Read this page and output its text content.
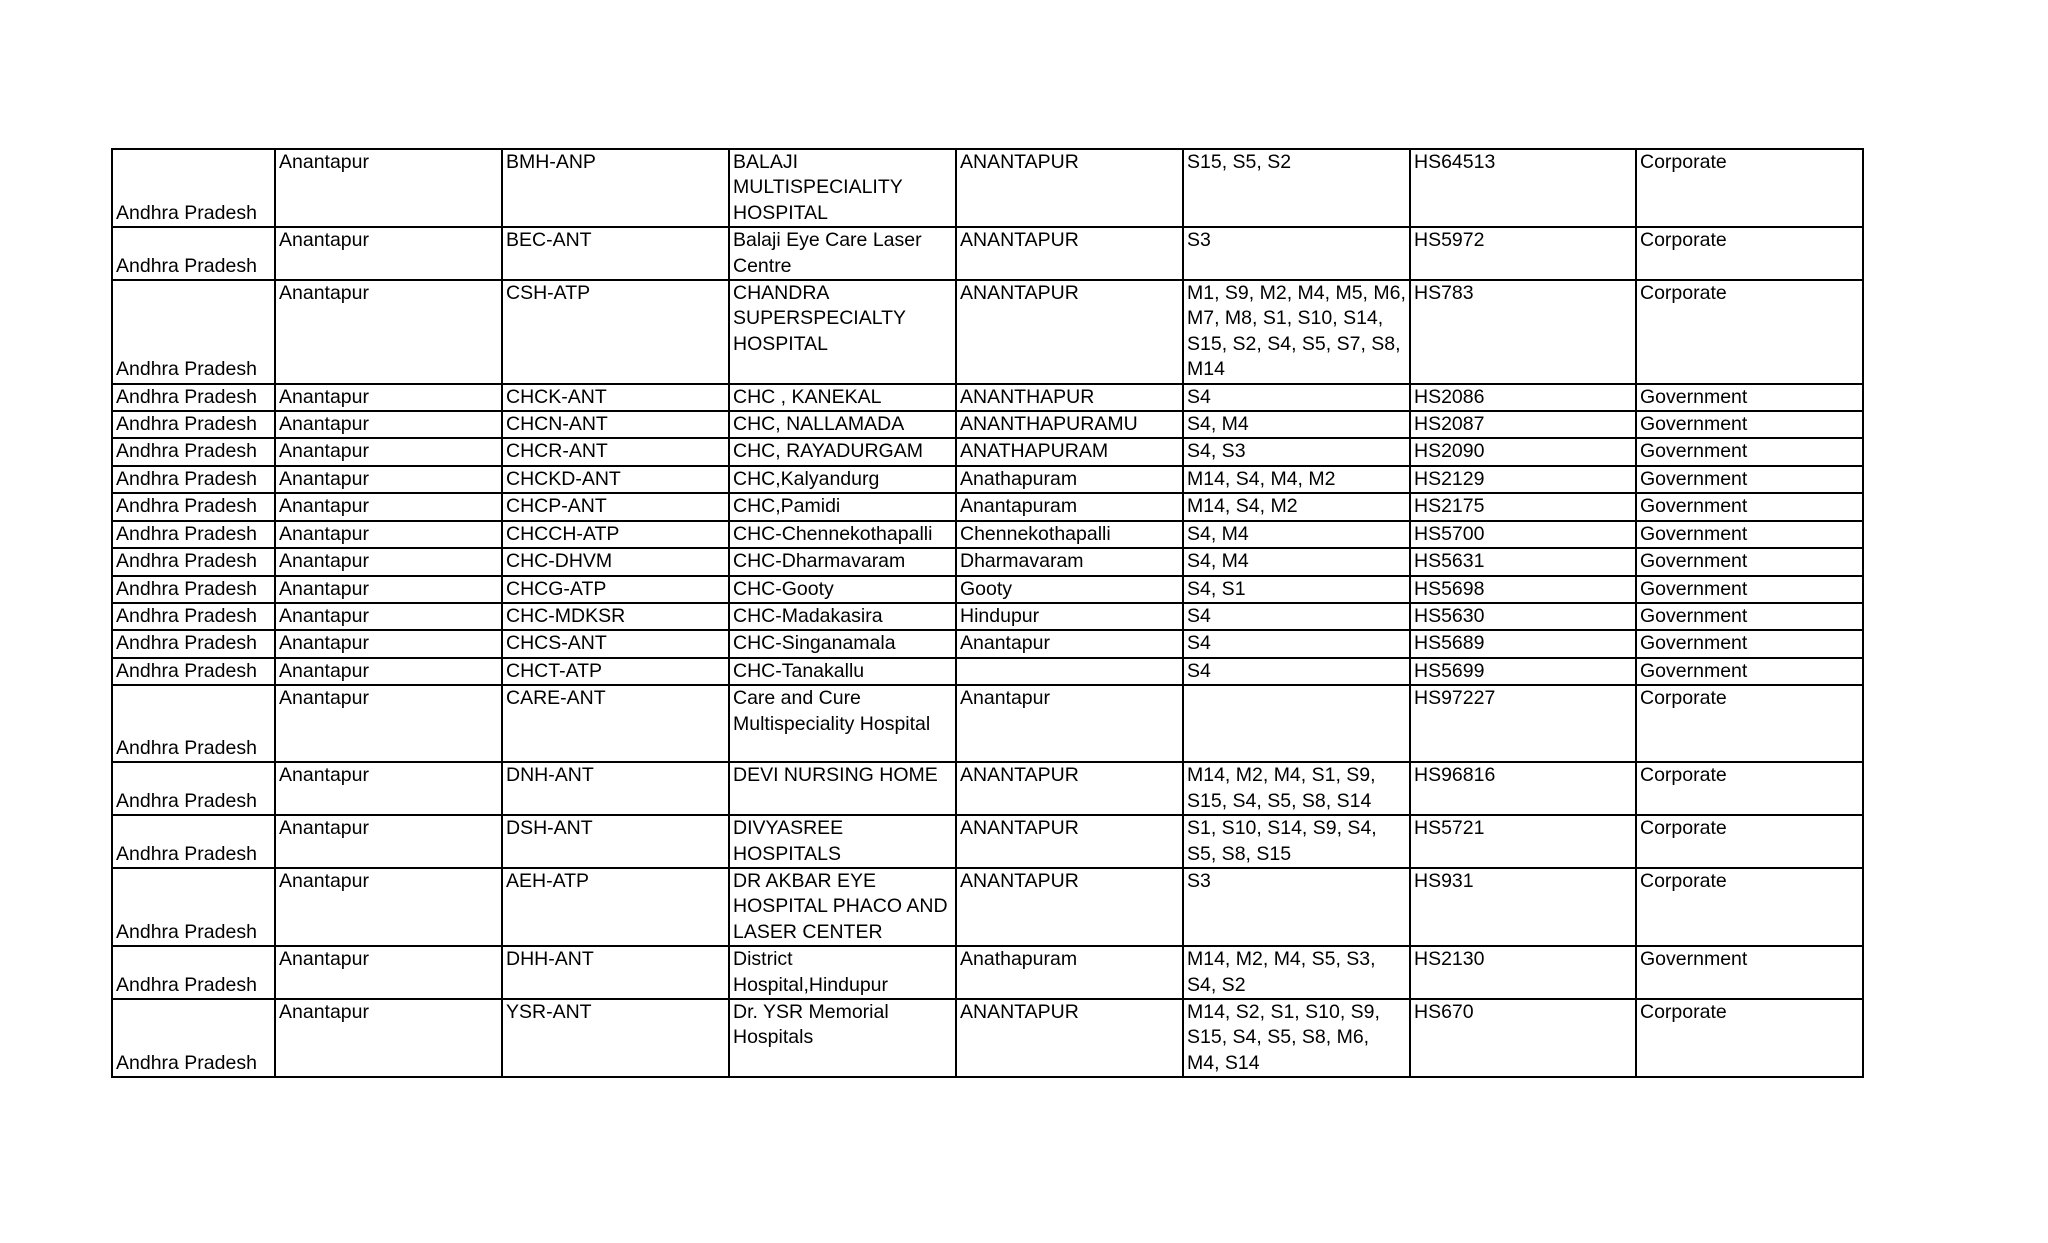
Andhra Pradesh	Anantapur	BMH-ANP	BALAJI MULTISPECIALITY HOSPITAL	ANANTAPUR	S15, S5, S2	HS64513	Corporate
Andhra Pradesh	Anantapur	BEC-ANT	Balaji Eye Care Laser Centre	ANANTAPUR	S3	HS5972	Corporate
Andhra Pradesh	Anantapur	CSH-ATP	CHANDRA SUPERSPECIALTY HOSPITAL	ANANTAPUR	M1, S9, M2, M4, M5, M6, M7, M8, S1, S10, S14, S15, S2, S4, S5, S7, S8, M14	HS783	Corporate
Andhra Pradesh	Anantapur	CHCK-ANT	CHC , KANEKAL	ANANTHAPUR	S4	HS2086	Government
Andhra Pradesh	Anantapur	CHCN-ANT	CHC, NALLAMADA	ANANTHAPURAMU	S4, M4	HS2087	Government
Andhra Pradesh	Anantapur	CHCR-ANT	CHC, RAYADURGAM	ANATHAPURAM	S4, S3	HS2090	Government
Andhra Pradesh	Anantapur	CHCKD-ANT	CHC,Kalyandurg	Anathapuram	M14, S4, M4, M2	HS2129	Government
Andhra Pradesh	Anantapur	CHCP-ANT	CHC,Pamidi	Anantapuram	M14, S4, M2	HS2175	Government
Andhra Pradesh	Anantapur	CHCCH-ATP	CHC-Chennekothapalli	Chennekothapalli	S4, M4	HS5700	Government
Andhra Pradesh	Anantapur	CHC-DHVM	CHC-Dharmavaram	Dharmavaram	S4, M4	HS5631	Government
Andhra Pradesh	Anantapur	CHCG-ATP	CHC-Gooty	Gooty	S4, S1	HS5698	Government
Andhra Pradesh	Anantapur	CHC-MDKSR	CHC-Madakasira	Hindupur	S4	HS5630	Government
Andhra Pradesh	Anantapur	CHCS-ANT	CHC-Singanamala	Anantapur	S4	HS5689	Government
Andhra Pradesh	Anantapur	CHCT-ATP	CHC-Tanakallu		S4	HS5699	Government
Andhra Pradesh	Anantapur	CARE-ANT	Care and Cure Multispeciality Hospital	Anantapur		HS97227	Corporate
Andhra Pradesh	Anantapur	DNH-ANT	DEVI NURSING HOME	ANANTAPUR	M14, M2, M4, S1, S9, S15, S4, S5, S8, S14	HS96816	Corporate
Andhra Pradesh	Anantapur	DSH-ANT	DIVYASREE HOSPITALS	ANANTAPUR	S1, S10, S14, S9, S4, S5, S8, S15	HS5721	Corporate
Andhra Pradesh	Anantapur	AEH-ATP	DR AKBAR EYE HOSPITAL PHACO AND LASER CENTER	ANANTAPUR	S3	HS931	Corporate
Andhra Pradesh	Anantapur	DHH-ANT	District Hospital,Hindupur	Anathapuram	M14, M2, M4, S5, S3, S4, S2	HS2130	Government
Andhra Pradesh	Anantapur	YSR-ANT	Dr. YSR Memorial Hospitals	ANANTAPUR	M14, S2, S1, S10, S9, S15, S4, S5, S8, M6, M4, S14	HS670	Corporate
